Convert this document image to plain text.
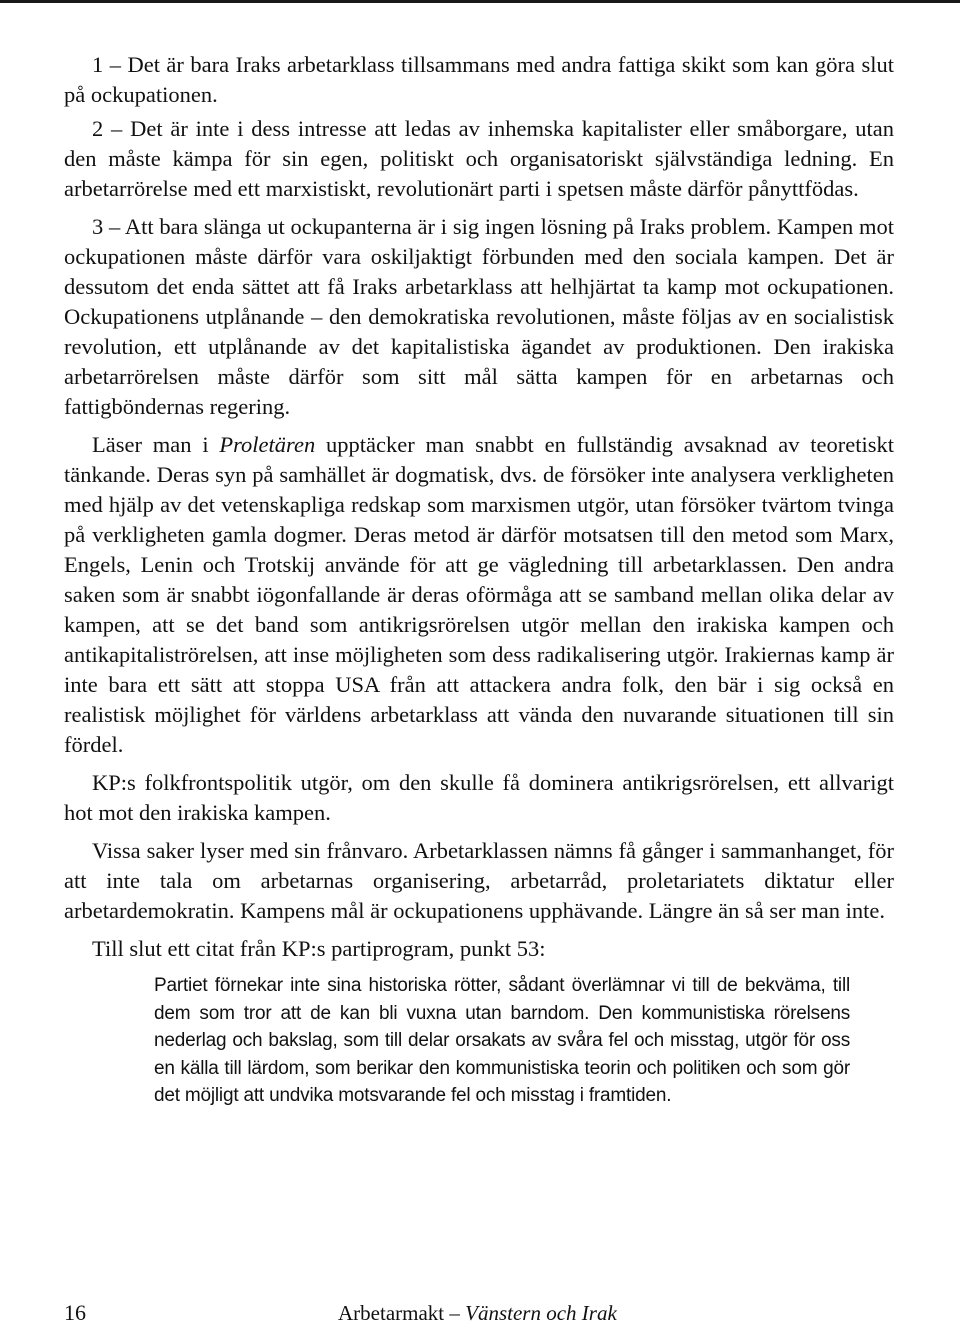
1 – Det är bara Iraks arbetarklass tillsammans med andra fattiga skikt som kan göra slut på ockupationen.

2 – Det är inte i dess intresse att ledas av inhemska kapitalister eller småborgare, utan den måste kämpa för sin egen, politiskt och organisatoriskt självständiga ledning. En arbetarrörelse med ett marxistiskt, revolutionärt parti i spetsen måste därför pånyttfödas.

3 – Att bara slänga ut ockupanterna är i sig ingen lösning på Iraks problem. Kampen mot ockupationen måste därför vara oskiljaktigt förbunden med den sociala kampen. Det är dessutom det enda sättet att få Iraks arbetarklass att helhjärtat ta kamp mot ockupationen. Ockupationens utplånande – den demokratiska revolutionen, måste följas av en socialistisk revolution, ett utplånande av det kapitalistiska ägandet av produktionen. Den irakiska arbetarrörelsen måste därför som sitt mål sätta kampen för en arbetarnas och fattigböndernas regering.

Läser man i Proletären upptäcker man snabbt en fullständig avsaknad av teoretiskt tänkande. Deras syn på samhället är dogmatisk, dvs. de försöker inte analysera verkligheten med hjälp av det vetenskapliga redskap som marxismen utgör, utan försöker tvärtom tvinga på verkligheten gamla dogmer. Deras metod är därför motsatsen till den metod som Marx, Engels, Lenin och Trotskij använde för att ge vägledning till arbetarklassen. Den andra saken som är snabbt iögonfallande är deras oförmåga att se samband mellan olika delar av kampen, att se det band som antikrigsrörelsen utgör mellan den irakiska kampen och antikapitaliströrelsen, att inse möjligheten som dess radikalisering utgör. Irakiernas kamp är inte bara ett sätt att stoppa USA från att attackera andra folk, den bär i sig också en realistisk möjlighet för världens arbetarklass att vända den nuvarande situationen till sin fördel.

KP:s folkfrontspolitik utgör, om den skulle få dominera antikrigsrörelsen, ett allvarigt hot mot den irakiska kampen.

Vissa saker lyser med sin frånvaro. Arbetarklassen nämns få gånger i sammanhanget, för att inte tala om arbetarnas organisering, arbetarråd, proletariatets diktatur eller arbetardemokratin. Kampens mål är ockupationens upphävande. Längre än så ser man inte.

Till slut ett citat från KP:s partiprogram, punkt 53:

Partiet förnekar inte sina historiska rötter, sådant överlämnar vi till de bekväma, till dem som tror att de kan bli vuxna utan barndom. Den kommunistiska rörelsens nederlag och bakslag, som till delar orsakats av svåra fel och misstag, utgör för oss en källa till lärdom, som berikar den kommunistiska teorin och politiken och som gör det möjligt att undvika motsvarande fel och misstag i framtiden.
16	Arbetarmakt – Vänstern och Irak
